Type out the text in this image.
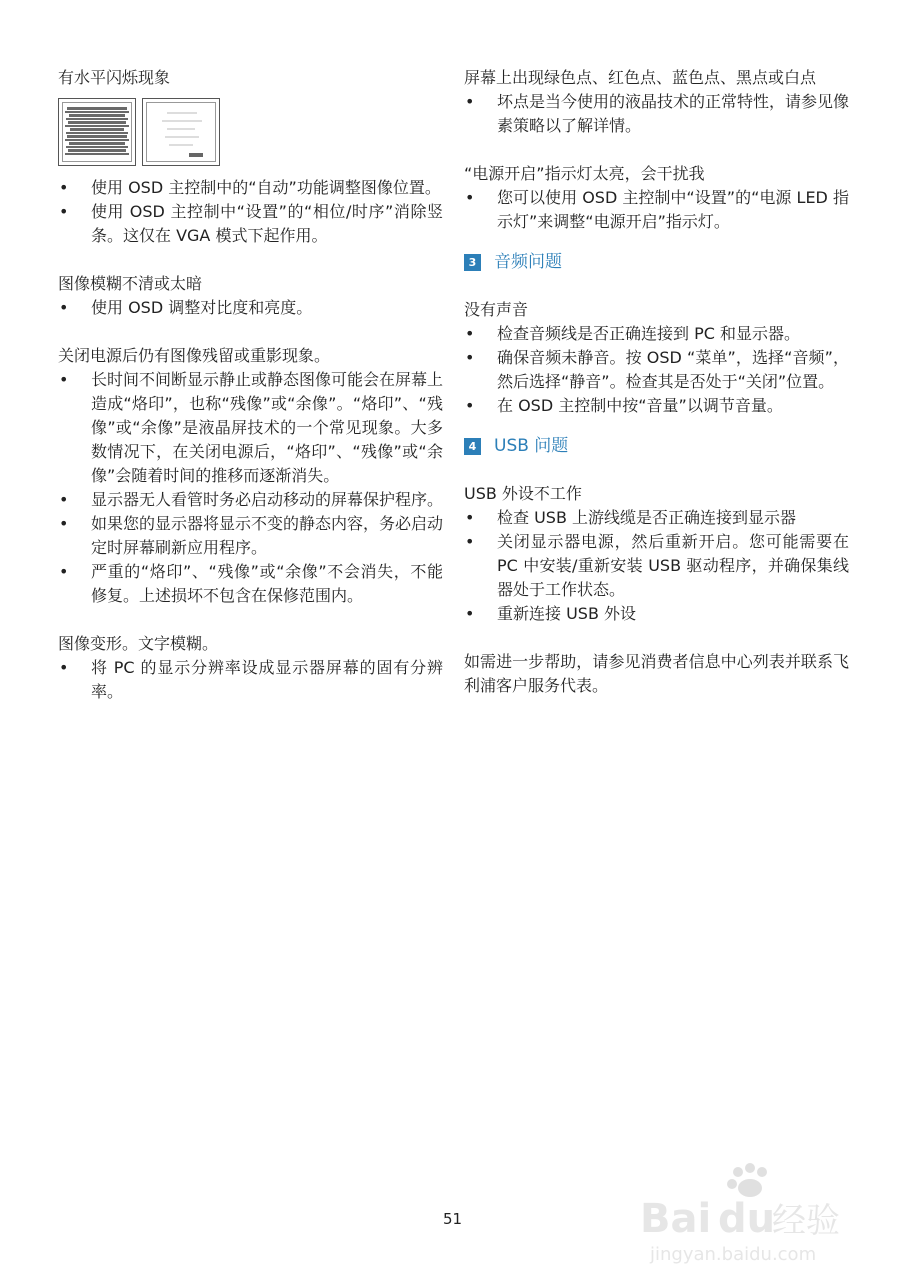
有水平闪烁现象

• 使用 OSD 主控制中的“自动”功能调整图像位置。
• 使用 OSD 主控制中“设置”的“相位/时序”消除竖条。这仅在 VGA 模式下起作用。

图像模糊不清或太暗

• 使用 OSD 调整对比度和亮度。

关闭电源后仍有图像残留或重影现象。

• 长时间不间断显示静止或静态图像可能会在屏幕上造成“烙印”，也称“残像”或“余像”。“烙印”、“残像”或“余像”是液晶屏技术的一个常见现象。大多数情况下，在关闭电源后，“烙印”、“残像”或“余像”会随着时间的推移而逐渐消失。
• 显示器无人看管时务必启动移动的屏幕保护程序。
• 如果您的显示器将显示不变的静态内容，务必启动定时屏幕刷新应用程序。
• 严重的“烙印”、“残像”或“余像”不会消失，不能修复。上述损坏不包含在保修范围内。

图像变形。文字模糊。

• 将 PC 的显示分辨率设成显示器屏幕的固有分辨率。

屏幕上出现绿色点、红色点、蓝色点、黑点或白点

• 坏点是当今使用的液晶技术的正常特性，请参见像素策略以了解详情。

“电源开启”指示灯太亮，会干扰我

• 您可以使用 OSD 主控制中“设置”的“电源 LED 指示灯”来调整“电源开启”指示灯。
3 音频问题

没有声音

• 检查音频线是否正确连接到 PC 和显示器。
• 确保音频未静音。按 OSD “菜单”，选择“音频”，然后选择“静音”。检查其是否处于“关闭”位置。
• 在 OSD 主控制中按“音量”以调节音量。
4 USB 问题

USB 外设不工作

• 检查 USB 上游线缆是否正确连接到显示器
• 关闭显示器电源，然后重新开启。您可能需要在 PC 中安装/重新安装 USB 驱动程序，并确保集线器处于工作状态。
• 重新连接 USB 外设

如需进一步帮助，请参见消费者信息中心列表并联系飞利浦客户服务代表。

51	Bai du
经验
jingyan.baidu.com
